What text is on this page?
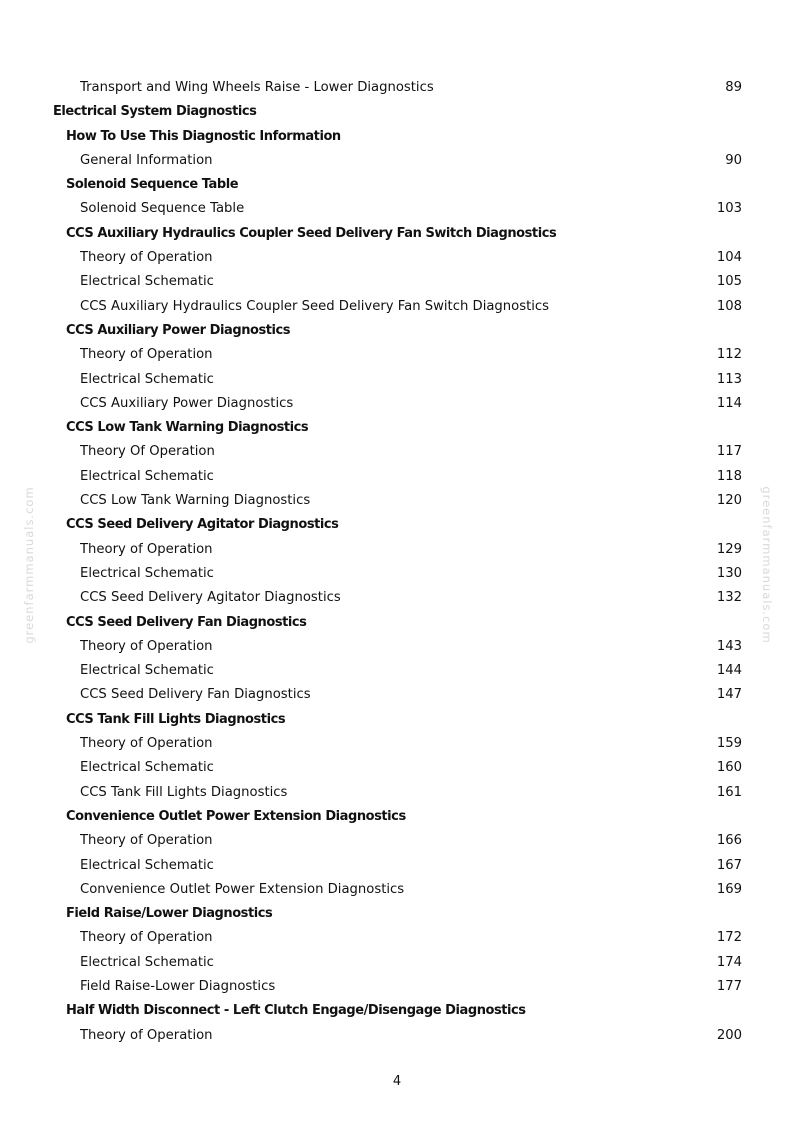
greenfarmmanuals.com	greenfarmmanuals.com
Transport and Wing Wheels Raise - Lower Diagnostics	89
Electrical System Diagnostics
How To Use This Diagnostic Information
General Information	90
Solenoid Sequence Table
Solenoid Sequence Table	103
CCS Auxiliary Hydraulics Coupler Seed Delivery Fan Switch Diagnostics
Theory of Operation	104
Electrical Schematic	105
CCS Auxiliary Hydraulics Coupler Seed Delivery Fan Switch Diagnostics	108
CCS Auxiliary Power Diagnostics
Theory of Operation	112
Electrical Schematic	113
CCS Auxiliary Power Diagnostics	114
CCS Low Tank Warning Diagnostics
Theory Of Operation	117
Electrical Schematic	118
CCS Low Tank Warning Diagnostics	120
CCS Seed Delivery Agitator Diagnostics
Theory of Operation	129
Electrical Schematic	130
CCS Seed Delivery Agitator Diagnostics	132
CCS Seed Delivery Fan Diagnostics
Theory of Operation	143
Electrical Schematic	144
CCS Seed Delivery Fan Diagnostics	147
CCS Tank Fill Lights Diagnostics
Theory of Operation	159
Electrical Schematic	160
CCS Tank Fill Lights Diagnostics	161
Convenience Outlet Power Extension Diagnostics
Theory of Operation	166
Electrical Schematic	167
Convenience Outlet Power Extension Diagnostics	169
Field Raise/Lower Diagnostics
Theory of Operation	172
Electrical Schematic	174
Field Raise-Lower Diagnostics	177
Half Width Disconnect - Left Clutch Engage/Disengage Diagnostics
Theory of Operation	200
4
